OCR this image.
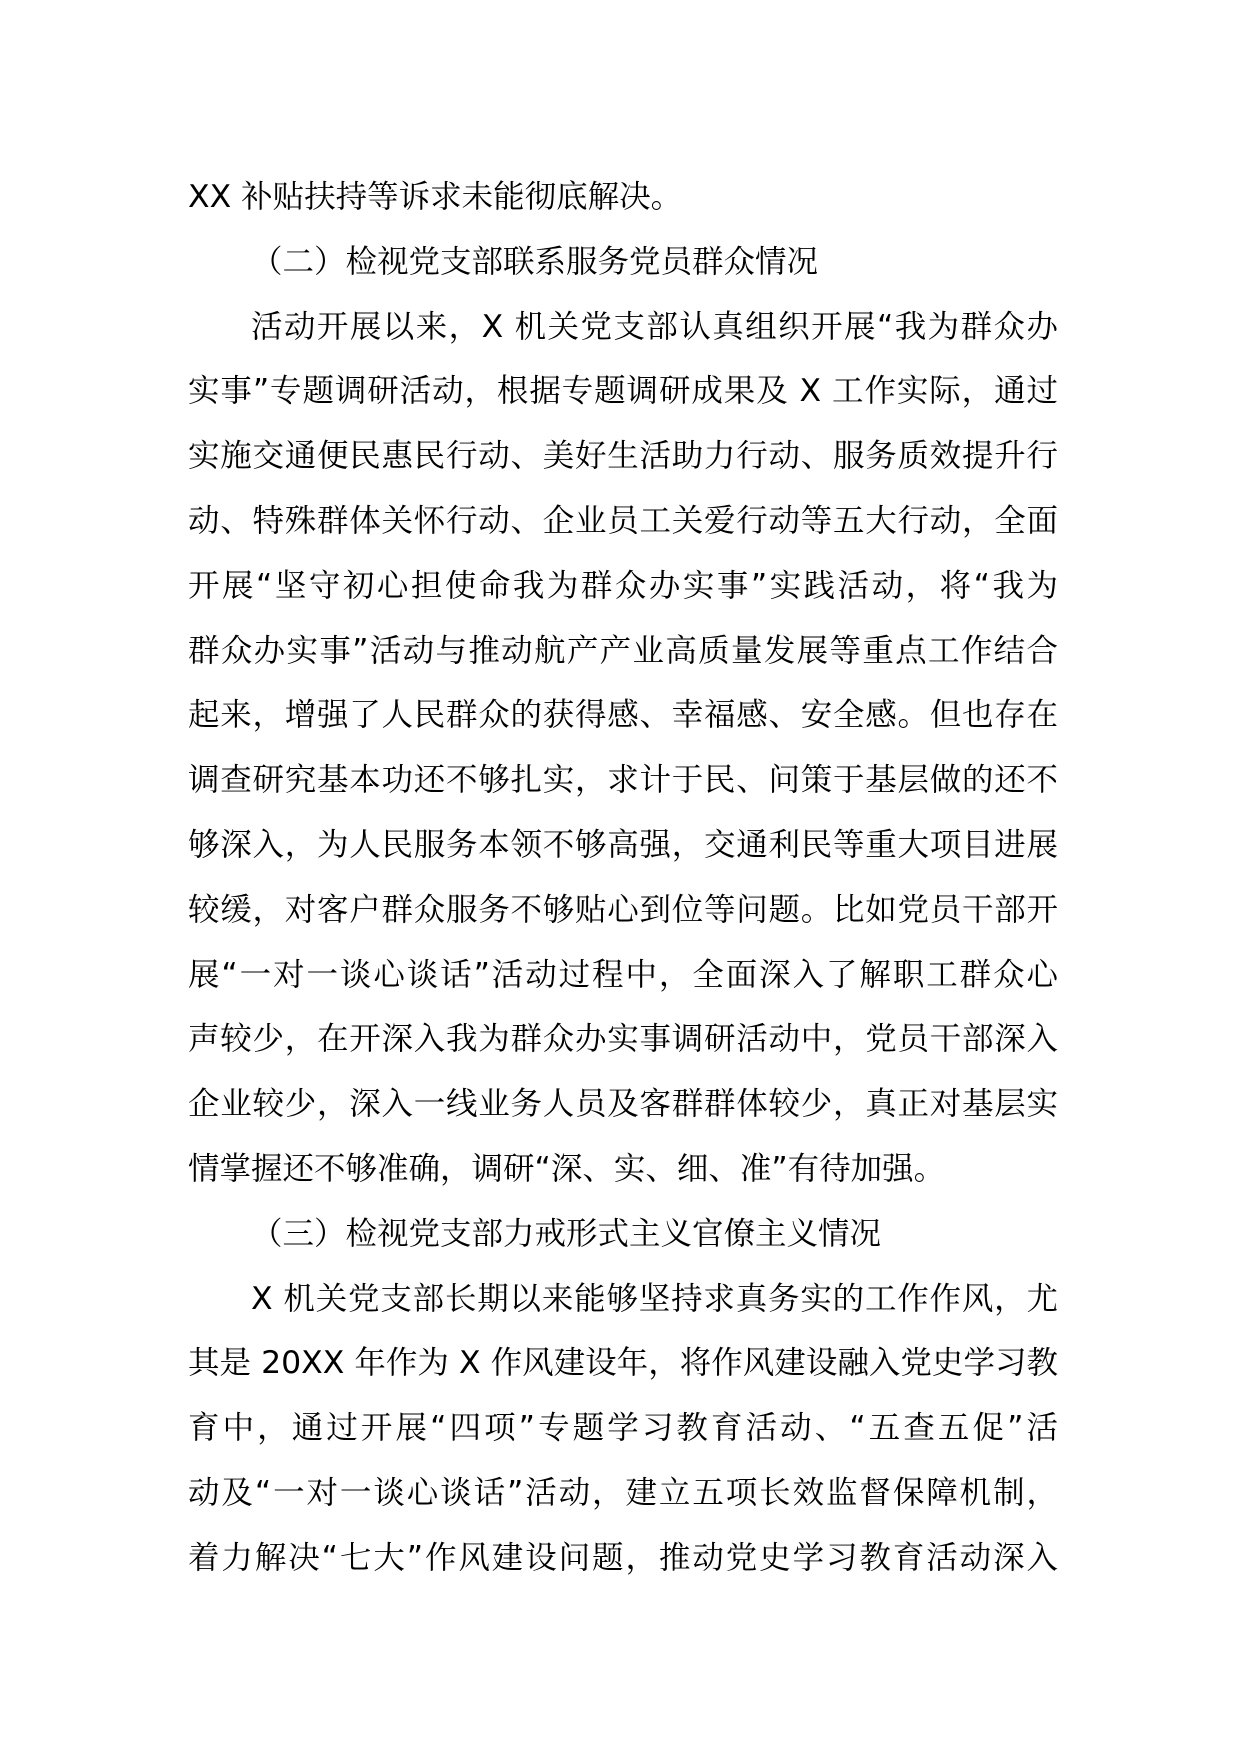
XX 补贴扶持等诉求未能彻底解决。
（二）检视党支部联系服务党员群众情况
活动开展以来，X 机关党支部认真组织开展“我为群众办
实事”专题调研活动，根据专题调研成果及 X 工作实际，通过
实施交通便民惠民行动、美好生活助力行动、服务质效提升行
动、特殊群体关怀行动、企业员工关爱行动等五大行动，全面
开展“坚守初心担使命我为群众办实事”实践活动，将“我为
群众办实事”活动与推动航产产业高质量发展等重点工作结合
起来，增强了人民群众的获得感、幸福感、安全感。但也存在
调查研究基本功还不够扎实，求计于民、问策于基层做的还不
够深入，为人民服务本领不够高强，交通利民等重大项目进展
较缓，对客户群众服务不够贴心到位等问题。比如党员干部开
展“一对一谈心谈话”活动过程中，全面深入了解职工群众心
声较少，在开深入我为群众办实事调研活动中，党员干部深入
企业较少，深入一线业务人员及客群群体较少，真正对基层实
情掌握还不够准确，调研“深、实、细、准”有待加强。
（三）检视党支部力戒形式主义官僚主义情况
X 机关党支部长期以来能够坚持求真务实的工作作风，尤
其是 20XX 年作为 X 作风建设年，将作风建设融入党史学习教
育中，通过开展“四项”专题学习教育活动、“五查五促”活
动及“一对一谈心谈话”活动，建立五项长效监督保障机制，
着力解决“七大”作风建设问题，推动党史学习教育活动深入
